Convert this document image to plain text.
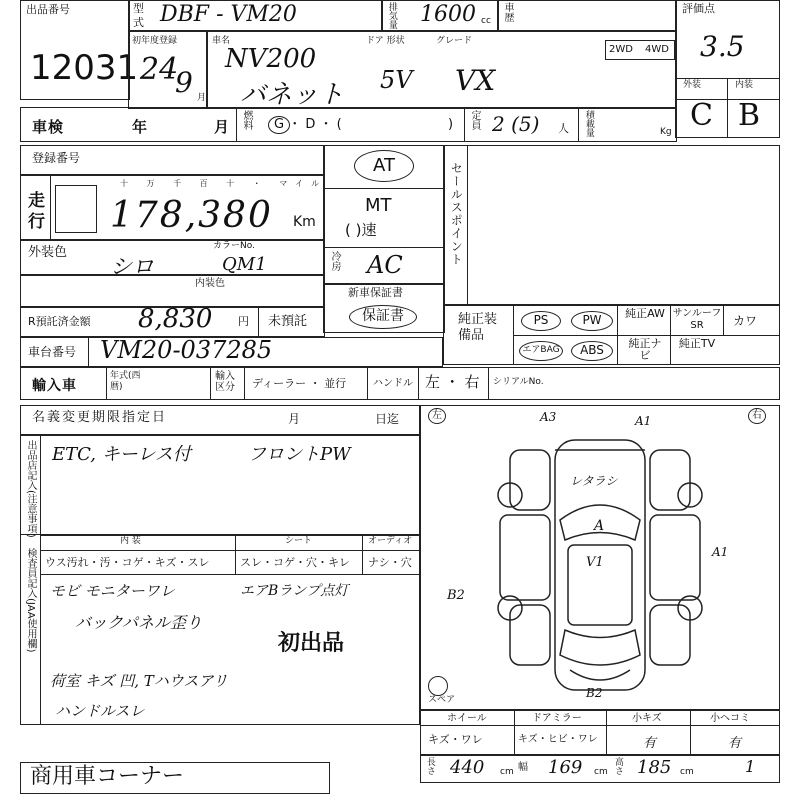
出品番号
12031
型
式 DBF - VM20	排気量 1600 cc 車歴	評価点
3.5
初年度登録
24
9 月
車名
NV200
バネット
ドア 形状
5V
グレード
VX
2WD 4WD
外装	内装
C B
車検	年	月 燃料 G ・ D ・ (	) 定員 2 (5) 人 積載量	Kg
登録番号
走
行
十 万 千 百 十 ・ マイル
178,380 Km
外装色	カラーNo.
シロ	QM1
内装色
AT
MT
( )速
冷房 AC
新車保証書
保証書
セールスポイント
R預託済金額 8,830 円 未預託	純正装備品
PS	PW	純正AW サンルーフSR	カワ
エアBAG	ABS	純正ナビ
純正TV
車台番号 VM20-037285
輸入車
年式(西暦)
輸入区分	ディーラー ・ 並行	ハンドル 左 ・ 右 シリアルNo.
名義変更期限指定日	月	日迄
出品店記入(注意事項) ETC, キーレス付	フロントPW
内 装
ウス汚れ・汚・コゲ・キズ・スレ
シート
スレ・コゲ・穴・キレ
オーディオ
ナシ・穴
検査員記入(JAA使用欄) モビ モニターワレ	エアBランプ点灯
バックパネル歪り
初出品
荷室 キズ 凹, Tハウスアリ
ハンドルスレ
左	右
A3	A1
レタラシ
A
V1
A1
B2
B2
スペア
ホイール
キズ・ワレ
ドアミラー
キズ・ヒビ・ワレ
小キズ
有
小ヘコミ
有
長さ 440 cm 幅 169 cm 高さ 185 cm	1
商用車コーナー
